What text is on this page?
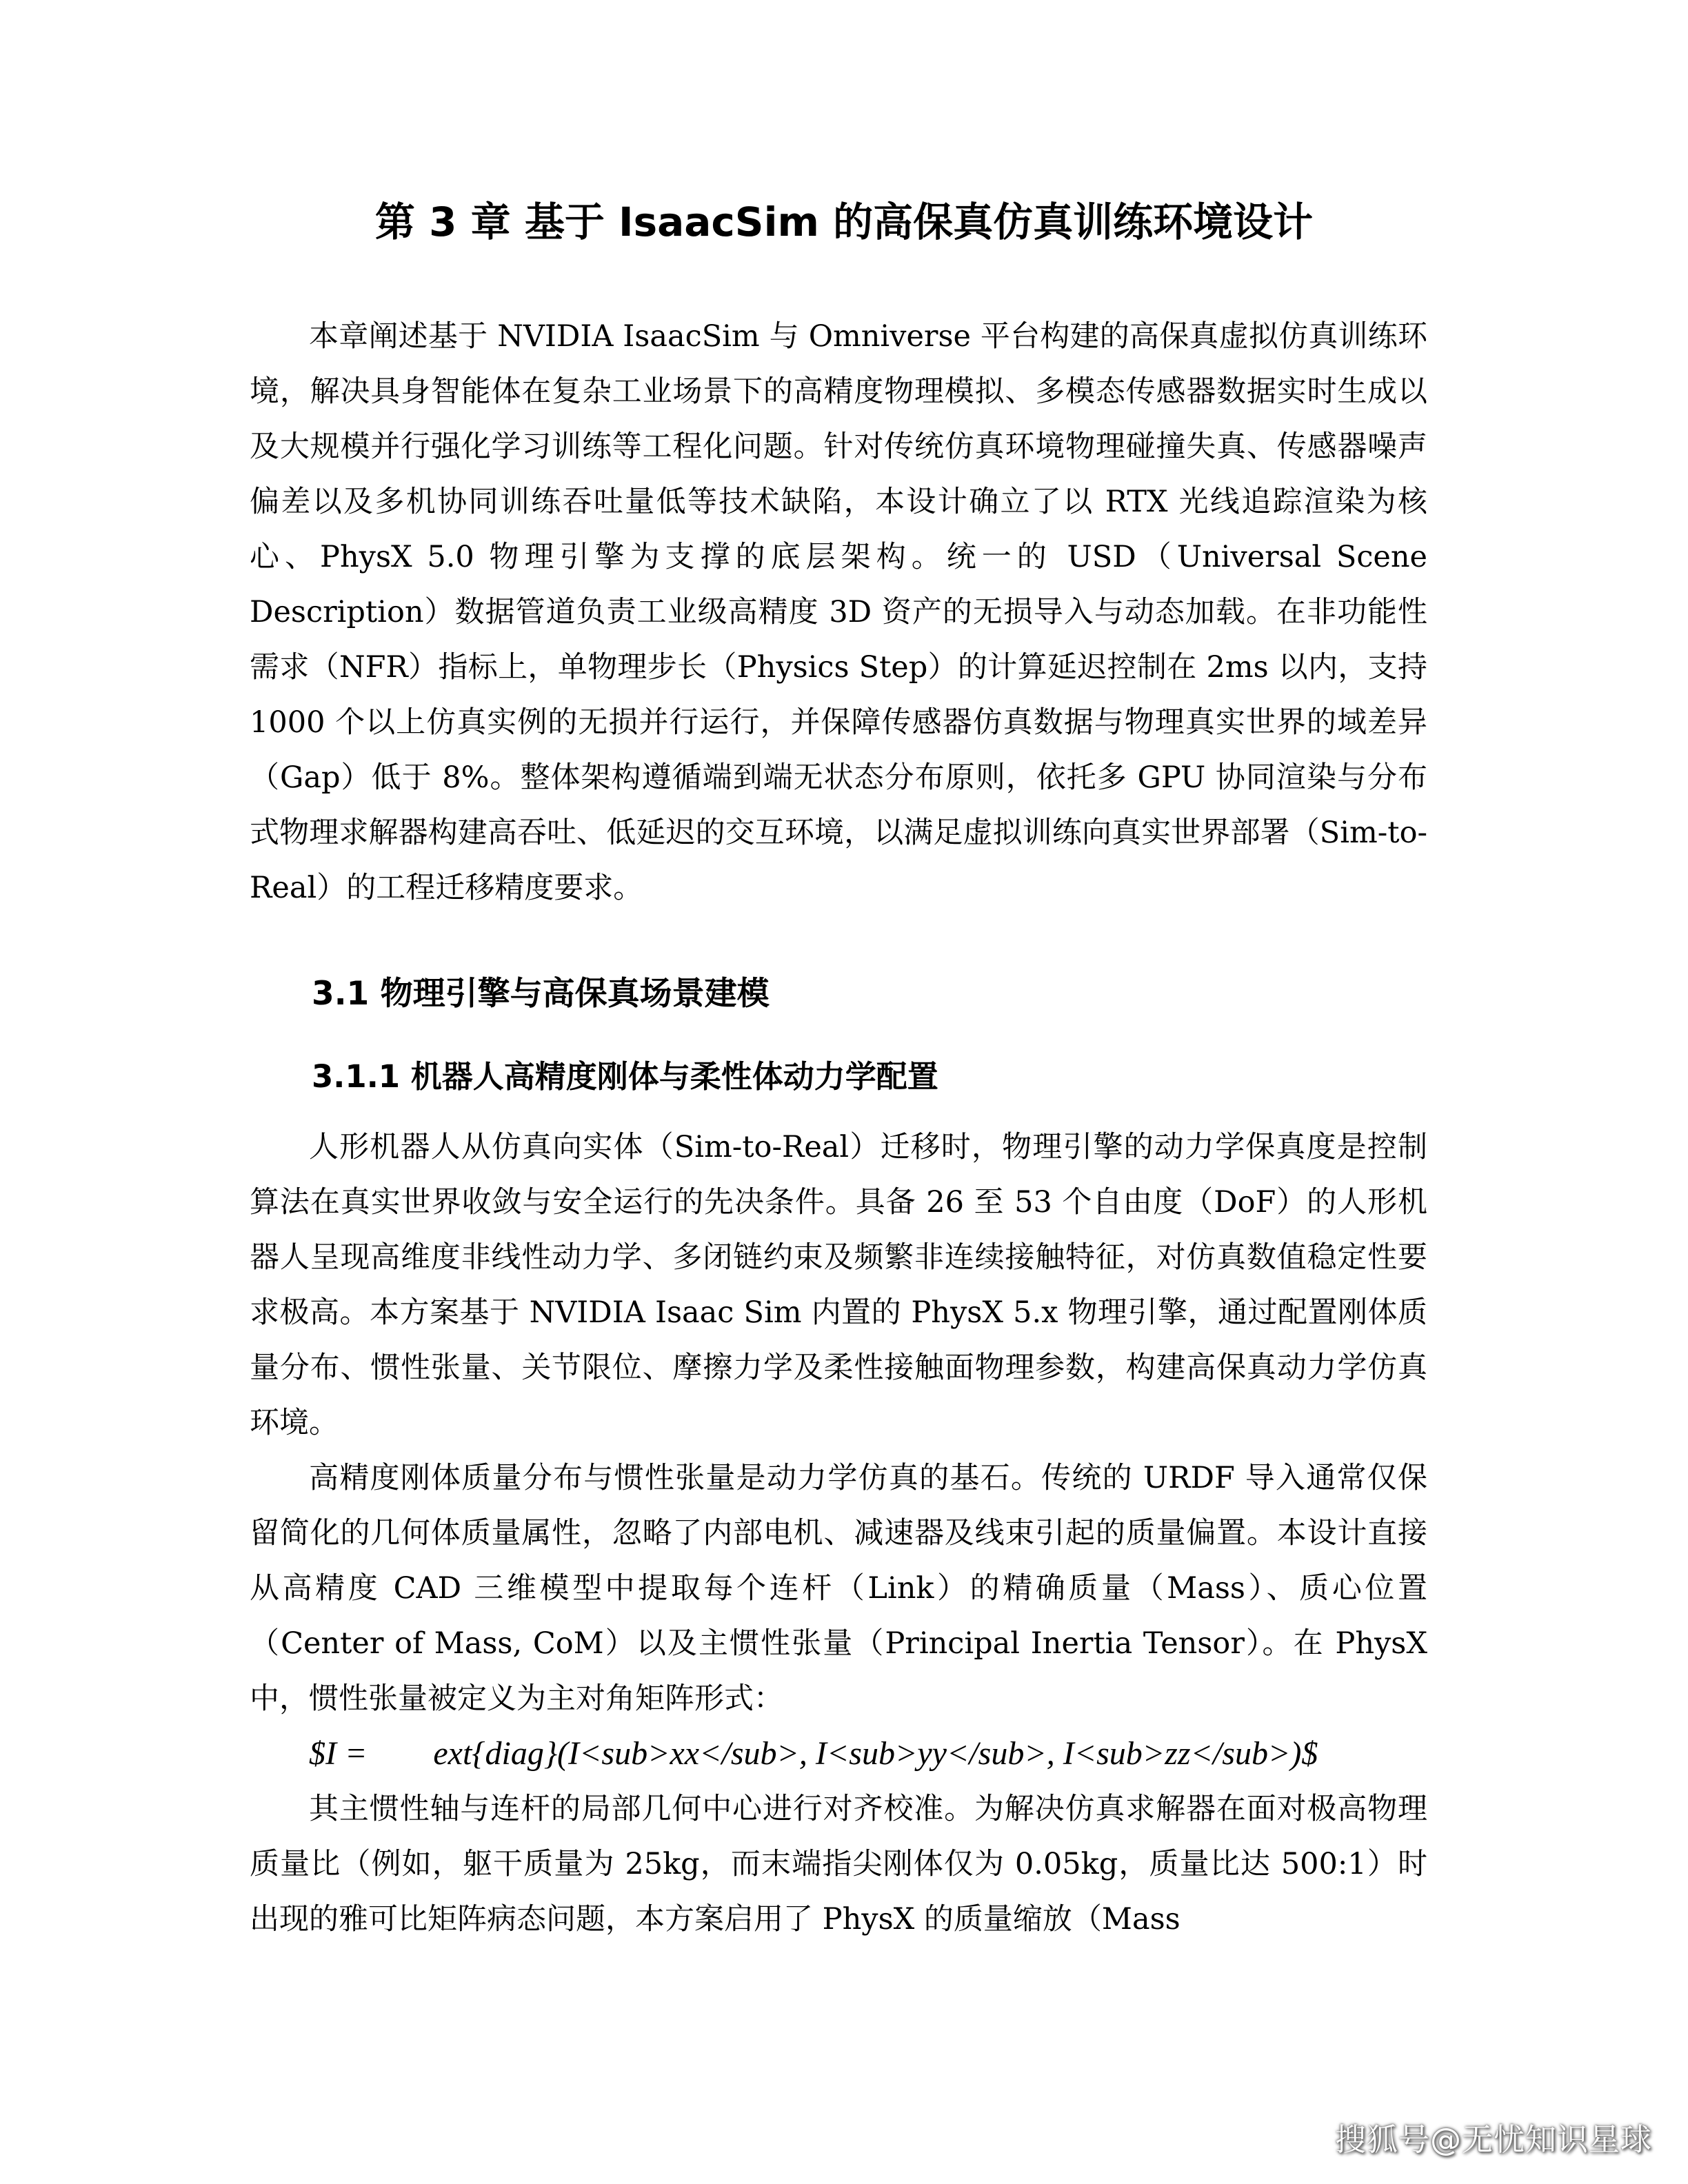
第 3 章 基于 IsaacSim 的高保真仿真训练环境设计

本章阐述基于 NVIDIA IsaacSim 与 Omniverse 平台构建的高保真虚拟仿真训练环境，解决具身智能体在复杂工业场景下的高精度物理模拟、多模态传感器数据实时生成以及大规模并行强化学习训练等工程化问题。针对传统仿真环境物理碰撞失真、传感器噪声偏差以及多机协同训练吞吐量低等技术缺陷，本设计确立了以 RTX 光线追踪渲染为核心、PhysX 5.0 物理引擎为支撑的底层架构。统一的 USD（Universal Scene Description）数据管道负责工业级高精度 3D 资产的无损导入与动态加载。在非功能性需求（NFR）指标上，单物理步长（Physics Step）的计算延迟控制在 2ms 以内，支持 1000 个以上仿真实例的无损并行运行，并保障传感器仿真数据与物理真实世界的域差异（Gap）低于 8%。整体架构遵循端到端无状态分布原则，依托多 GPU 协同渲染与分布式物理求解器构建高吞吐、低延迟的交互环境，以满足虚拟训练向真实世界部署（Sim-to-Real）的工程迁移精度要求。

3.1 物理引擎与高保真场景建模
3.1.1 机器人高精度刚体与柔性体动力学配置

人形机器人从仿真向实体（Sim-to-Real）迁移时，物理引擎的动力学保真度是控制算法在真实世界收敛与安全运行的先决条件。具备 26 至 53 个自由度（DoF）的人形机器人呈现高维度非线性动力学、多闭链约束及频繁非连续接触特征，对仿真数值稳定性要求极高。本方案基于 NVIDIA Isaac Sim 内置的 PhysX 5.x 物理引擎，通过配置刚体质量分布、惯性张量、关节限位、摩擦力学及柔性接触面物理参数，构建高保真动力学仿真环境。

高精度刚体质量分布与惯性张量是动力学仿真的基石。传统的 URDF 导入通常仅保留简化的几何体质量属性，忽略了内部电机、减速器及线束引起的质量偏置。本设计直接从高精度 CAD 三维模型中提取每个连杆（Link）的精确质量（Mass）、质心位置（Center of Mass, CoM）以及主惯性张量（Principal Inertia Tensor）。在 PhysX 中，惯性张量被定义为主对角矩阵形式：

$I =        ext{diag}(I<sub>xx</sub>, I<sub>yy</sub>, I<sub>zz</sub>)$

其主惯性轴与连杆的局部几何中心进行对齐校准。为解决仿真求解器在面对极高物理质量比（例如，躯干质量为 25kg，而末端指尖刚体仅为 0.05kg，质量比达 500:1）时出现的雅可比矩阵病态问题，本方案启用了 PhysX 的质量缩放（Mass

搜狐号@无忧知识星球
